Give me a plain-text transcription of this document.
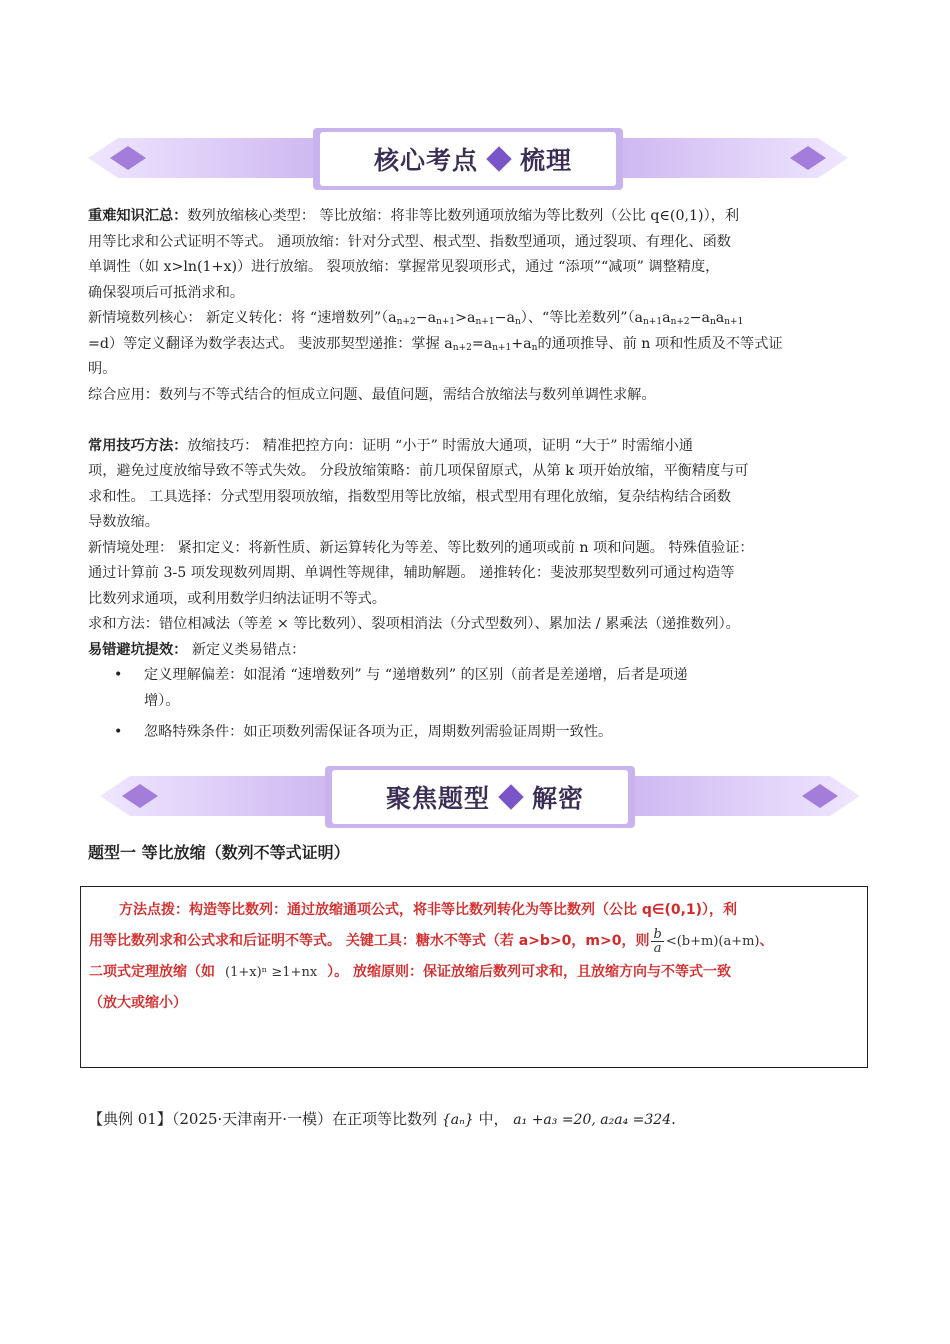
核心考点 梳理

重难知识汇总：数列放缩核心类型： 等比放缩：将非等比数列通项放缩为等比数列（公比 q∈(0,1)），利

用等比求和公式证明不等式。 通项放缩：针对分式型、根式型、指数型通项，通过裂项、有理化、函数

单调性（如 x>ln(1+x)）进行放缩。 裂项放缩：掌握常见裂项形式，通过 “添项”“减项” 调整精度，

确保裂项后可抵消求和。

新情境数列核心： 新定义转化：将 “速增数列$”(a_{n+2}-a_{n+1}>a_{n+1}-a_n)$、“等比差数列$”(a_{n+1}a_{n+2}-a_na_{n+1}$

=d）等定义翻译为数学表达式。 斐波那契型递推：掌握 $a_{n+2}=a_{n+1}+a_n$的通项推导、前 n 项和性质及不等式证

明。

综合应用：数列与不等式结合的恒成立问题、最值问题，需结合放缩法与数列单调性求解。

常用技巧方法：放缩技巧： 精准把控方向：证明 “小于” 时需放大通项，证明 “大于” 时需缩小通

项，避免过度放缩导致不等式失效。 分段放缩策略：前几项保留原式，从第 k 项开始放缩，平衡精度与可

求和性。 工具选择：分式型用裂项放缩，指数型用等比放缩，根式型用有理化放缩，复杂结构结合函数

导数放缩。

新情境处理： 紧扣定义：将新性质、新运算转化为等差、等比数列的通项或前 n 项和问题。 特殊值验证：

通过计算前 3-5 项发现数列周期、单调性等规律，辅助解题。 递推转化：斐波那契型数列可通过构造等

比数列求通项，或利用数学归纳法证明不等式。

求和方法：错位相减法（等差 × 等比数列）、裂项相消法（分式型数列）、累加法 / 累乘法（递推数列）。

易错避坑提效： 新定义类易错点：

• 定义理解偏差：如混淆 “速增数列” 与 “递增数列” 的区别（前者是差递增，后者是项递
增）。
• 忽略特殊条件：如正项数列需保证各项为正，周期数列需验证周期一致性。
聚焦题型 解密
题型一 等比放缩（数列不等式证明）
方法点拨：构造等比数列：通过放缩通项公式，将非等比数列转化为等比数列（公比 q∈(0,1)），利
用等比数列求和公式求和后证明不等式。 关键工具：糖水不等式（若 a>b>0，m>0，则 $\frac{b}{a} <(b+m)(a+m)$、
二项式定理放缩（如 (1+x)ⁿ ≥1+nx ）。 放缩原则：保证放缩后数列可求和，且放缩方向与不等式一致
（放大或缩小）
【典例 01】（2025·天津南开·一模）在正项等比数列 {aₙ} 中， a₁ +a₃ =20, a₂a₄ =324.
